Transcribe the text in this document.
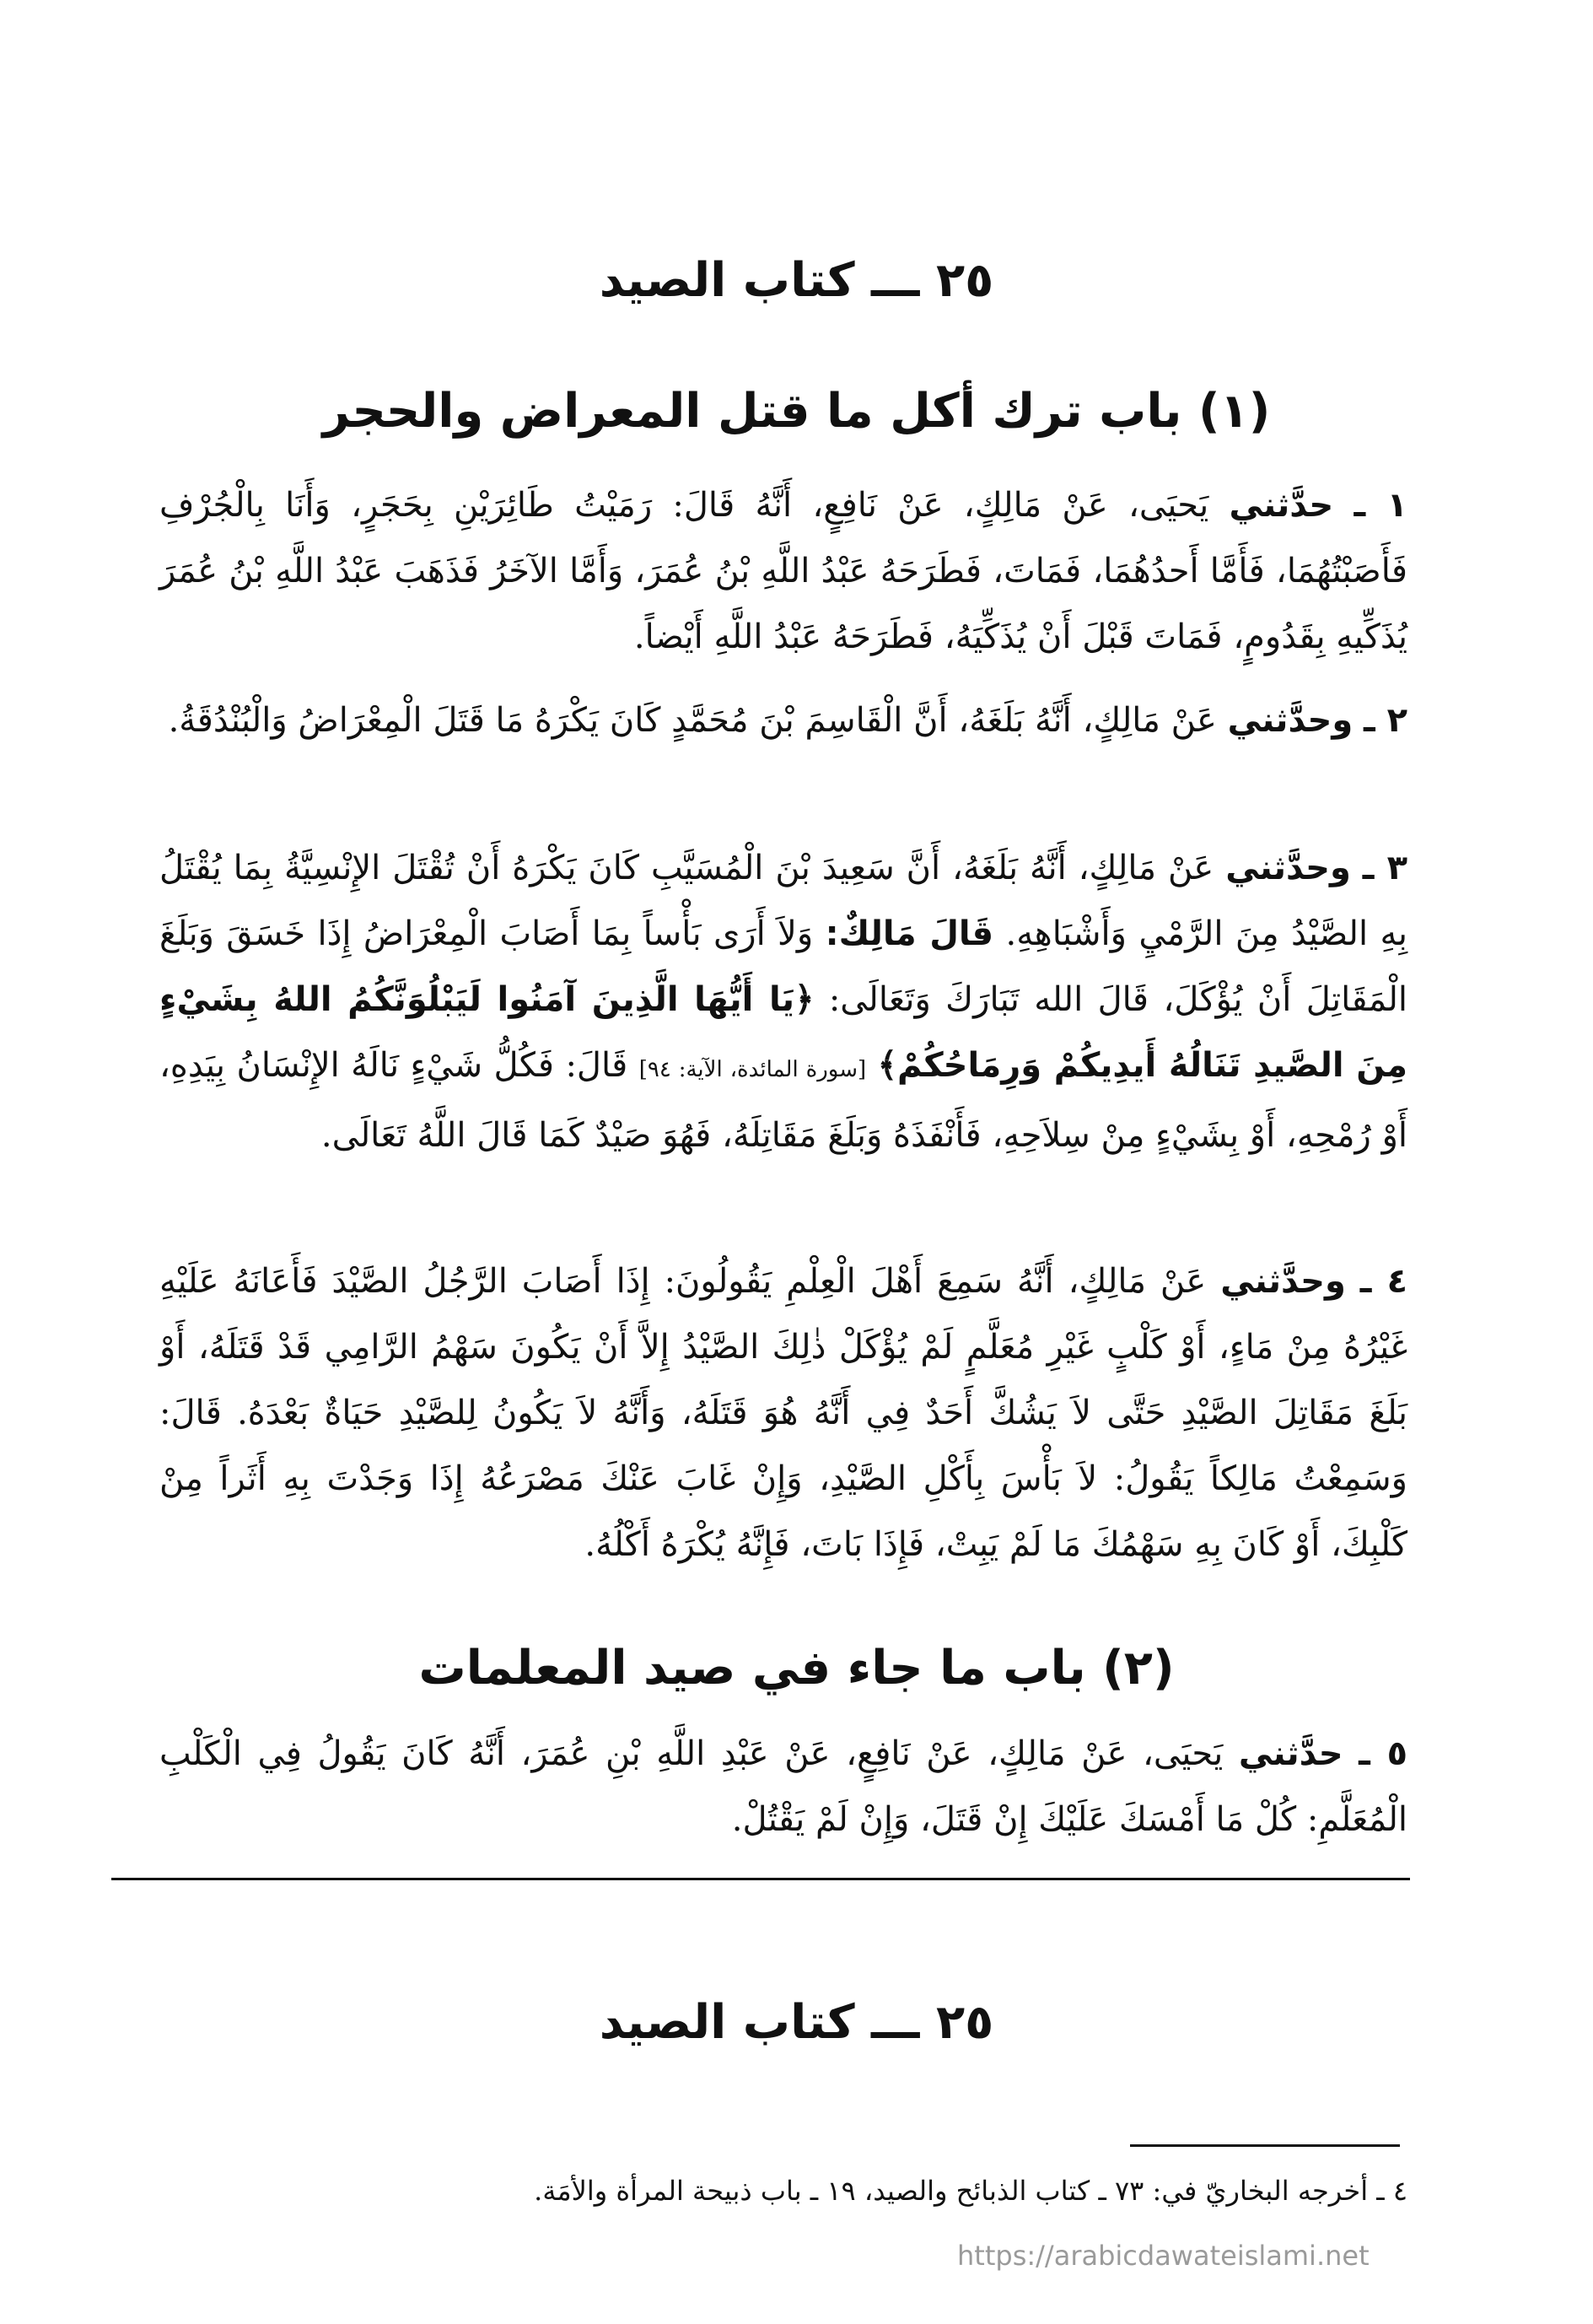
٢٥ ـــ كتاب الصيد
(١) باب ترك أكل ما قتل المعراض والحجر
١ ـ حدَّثني يَحيَى، عَنْ مَالِكٍ، عَنْ نَافِعٍ، أَنَّهُ قَالَ: رَمَيْتُ طَائِرَيْنِ بِحَجَرٍ، وَأَنَا بِالْجُرْفِ فَأَصَبْتُهُمَا، فَأَمَّا أَحدُهُمَا، فَمَاتَ، فَطَرَحَهُ عَبْدُ اللَّهِ بْنُ عُمَرَ، وَأَمَّا الآخَرُ فَذَهَبَ عَبْدُ اللَّهِ بْنُ عُمَرَ يُذَكِّيهِ بِقَدُومٍ، فَمَاتَ قَبْلَ أَنْ يُذَكِّيَهُ، فَطَرَحَهُ عَبْدُ اللَّهِ أَيْضاً.
٢ ـ وحدَّثني عَنْ مَالِكٍ، أَنَّهُ بَلَغَهُ، أَنَّ الْقَاسِمَ بْنَ مُحَمَّدٍ كَانَ يَكْرَهُ مَا قَتَلَ الْمِعْرَاضُ وَالْبُنْدُقَةُ.
٣ ـ وحدَّثني عَنْ مَالِكٍ، أَنَّهُ بَلَغَهُ، أَنَّ سَعِيدَ بْنَ الْمُسَيَّبِ كَانَ يَكْرَهُ أَنْ تُقْتَلَ الإِنْسِيَّةُ بِمَا يُقْتَلُ بِهِ الصَّيْدُ مِنَ الرَّمْيِ وَأَشْبَاهِهِ. قَالَ مَالِكٌ: وَلاَ أَرَى بَأْساً بِمَا أَصَابَ الْمِعْرَاضُ إِذَا خَسَقَ وَبَلَغَ الْمَقَاتِلَ أَنْ يُؤْكَلَ، قَالَ الله تَبَارَكَ وَتَعَالَى: ﴿يَا أَيُّهَا الَّذِينَ آمَنُوا لَيَبْلُوَنَّكُمُ اللهُ بِشَيْءٍ مِنَ الصَّيدِ تَنَالُهُ أَيدِيكُمْ وَرِمَاحُكُمْ﴾ [سورة المائدة، الآية: ٩٤] قَالَ: فَكُلُّ شَيْءٍ نَالَهُ الإِنْسَانُ بِيَدِهِ، أَوْ رُمْحِهِ، أَوْ بِشَيْءٍ مِنْ سِلاَحِهِ، فَأَنْفَذَهُ وَبَلَغَ مَقَاتِلَهُ، فَهُوَ صَيْدٌ كَمَا قَالَ اللَّهُ تَعَالَى.
٤ ـ وحدَّثني عَنْ مَالِكٍ، أَنَّهُ سَمِعَ أَهْلَ الْعِلْمِ يَقُولُونَ: إِذَا أَصَابَ الرَّجُلُ الصَّيْدَ فَأَعَانَهُ عَلَيْهِ غَيْرُهُ مِنْ مَاءٍ، أَوْ كَلْبٍ غَيْرِ مُعَلَّمٍ لَمْ يُؤْكَلْ ذٰلِكَ الصَّيْدُ إِلاَّ أَنْ يَكُونَ سَهْمُ الرَّامِي قَدْ قَتَلَهُ، أَوْ بَلَغَ مَقَاتِلَ الصَّيْدِ حَتَّى لاَ يَشُكَّ أَحَدٌ فِي أَنَّهُ هُوَ قَتَلَهُ، وَأَنَّهُ لاَ يَكُونُ لِلصَّيْدِ حَيَاةٌ بَعْدَهُ. قَالَ: وَسَمِعْتُ مَالِكاً يَقُولُ: لاَ بَأْسَ بِأَكْلِ الصَّيْدِ، وَإِنْ غَابَ عَنْكَ مَصْرَعُهُ إِذَا وَجَدْتَ بِهِ أَثَراً مِنْ كَلْبِكَ، أَوْ كَانَ بِهِ سَهْمُكَ مَا لَمْ يَبِتْ، فَإِذَا بَاتَ، فَإِنَّهُ يُكْرَهُ أَكْلُهُ.
(٢) باب ما جاء في صيد المعلمات
٥ ـ حدَّثني يَحيَى، عَنْ مَالِكٍ، عَنْ نَافِعٍ، عَنْ عَبْدِ اللَّهِ بْنِ عُمَرَ، أَنَّهُ كَانَ يَقُولُ فِي الْكَلْبِ الْمُعَلَّمِ: كُلْ مَا أَمْسَكَ عَلَيْكَ إِنْ قَتَلَ، وَإِنْ لَمْ يَقْتُلْ.
٢٥ ـــ كتاب الصيد
٤ ـ أخرجه البخاريّ في: ٧٣ ـ كتاب الذبائح والصيد، ١٩ ـ باب ذبيحة المرأة والأمَة.
https://arabicdawateislami.net
